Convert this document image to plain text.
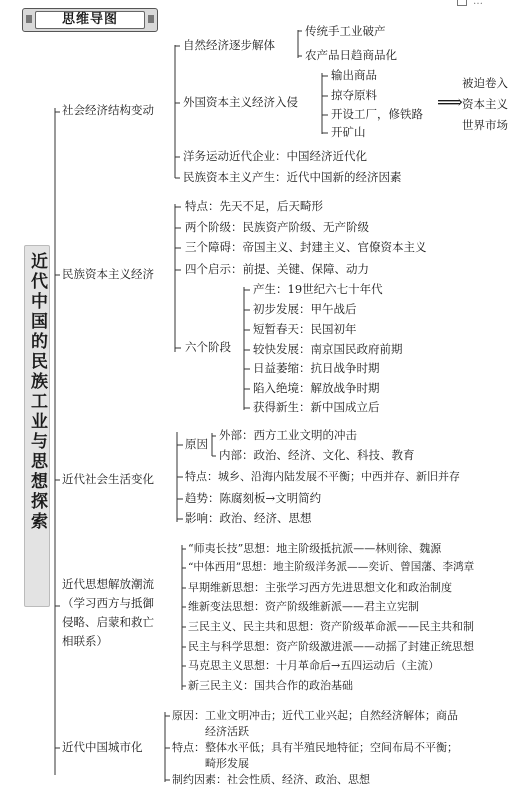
…
思维导图
近代中国的民族工业与思想探索
社会经济结构变动
自然经济逐步解体
传统手工业破产
农产品日趋商品化
外国资本主义经济入侵
输出商品
掠夺原料
开设工厂，修铁路
开矿山
⟹
被迫卷入
资本主义
世界市场
洋务运动近代企业：中国经济近代化
民族资本主义产生：近代中国新的经济因素
民族资本主义经济
特点：先天不足，后天畸形
两个阶级：民族资产阶级、无产阶级
三个障碍：帝国主义、封建主义、官僚资本主义
四个启示：前提、关键、保障、动力
六个阶段
产生：19世纪六七十年代
初步发展：甲午战后
短暂春天：民国初年
较快发展：南京国民政府前期
日益萎缩：抗日战争时期
陷入绝境：解放战争时期
获得新生：新中国成立后
近代社会生活变化
原因
外部：西方工业文明的冲击
内部：政治、经济、文化、科技、教育
特点：城乡、沿海内陆发展不平衡；中西并存、新旧并存
趋势：陈腐刻板→文明简约
影响：政治、经济、思想
近代思想解放潮流
（学习西方与抵御
侵略、启蒙和救亡
相联系）
“师夷长技”思想：地主阶级抵抗派——林则徐、魏源
“中体西用”思想：地主阶级洋务派——奕䜣、曾国藩、李鸿章
早期维新思想：主张学习西方先进思想文化和政治制度
维新变法思想：资产阶级维新派——君主立宪制
三民主义、民主共和思想：资产阶级革命派——民主共和制
民主与科学思想：资产阶级激进派——动摇了封建正统思想
马克思主义思想：十月革命后→五四运动后（主流）
新三民主义：国共合作的政治基础
近代中国城市化
原因：工业文明冲击；近代工业兴起；自然经济解体；商品
经济活跃
特点：整体水平低；具有半殖民地特征；空间布局不平衡；
畸形发展
制约因素：社会性质、经济、政治、思想
